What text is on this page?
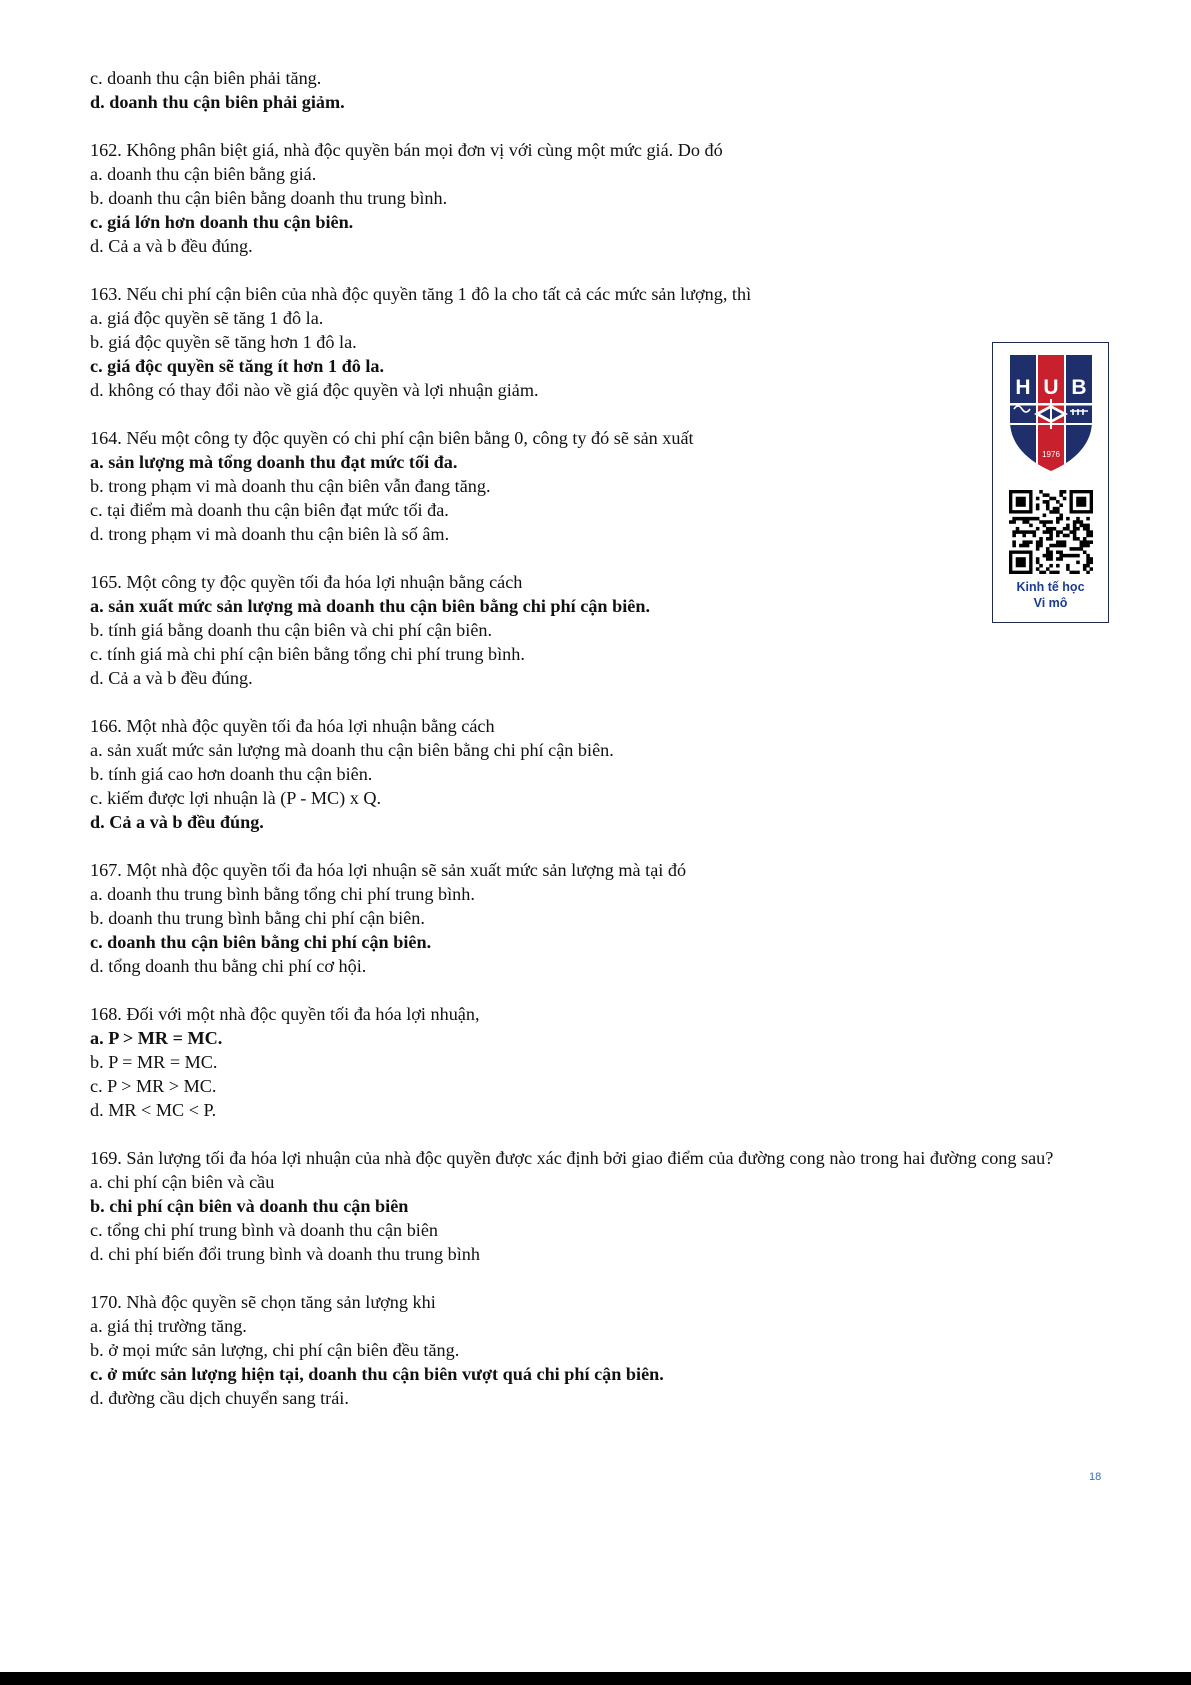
c. doanh thu cận biên phải tăng.
d. doanh thu cận biên phải giảm.
162. Không phân biệt giá, nhà độc quyền bán mọi đơn vị với cùng một mức giá. Do đó
a. doanh thu cận biên bằng giá.
b. doanh thu cận biên bằng doanh thu trung bình.
c. giá lớn hơn doanh thu cận biên.
d. Cả a và b đều đúng.
163. Nếu chi phí cận biên của nhà độc quyền tăng 1 đô la cho tất cả các mức sản lượng, thì
a. giá độc quyền sẽ tăng 1 đô la.
b. giá độc quyền sẽ tăng hơn 1 đô la.
c. giá độc quyền sẽ tăng ít hơn 1 đô la.
d. không có thay đổi nào về giá độc quyền và lợi nhuận giảm.
164. Nếu một công ty độc quyền có chi phí cận biên bằng 0, công ty đó sẽ sản xuất
a. sản lượng mà tổng doanh thu đạt mức tối đa.
b. trong phạm vi mà doanh thu cận biên vẫn đang tăng.
c. tại điểm mà doanh thu cận biên đạt mức tối đa.
d. trong phạm vi mà doanh thu cận biên là số âm.
165. Một công ty độc quyền tối đa hóa lợi nhuận bằng cách
a. sản xuất mức sản lượng mà doanh thu cận biên bằng chi phí cận biên.
b. tính giá bằng doanh thu cận biên và chi phí cận biên.
c. tính giá mà chi phí cận biên bằng tổng chi phí trung bình.
d. Cả a và b đều đúng.
166. Một nhà độc quyền tối đa hóa lợi nhuận bằng cách
a. sản xuất mức sản lượng mà doanh thu cận biên bằng chi phí cận biên.
b. tính giá cao hơn doanh thu cận biên.
c. kiếm được lợi nhuận là (P - MC) x Q.
d. Cả a và b đều đúng.
167. Một nhà độc quyền tối đa hóa lợi nhuận sẽ sản xuất mức sản lượng mà tại đó
a. doanh thu trung bình bằng tổng chi phí trung bình.
b. doanh thu trung bình bằng chi phí cận biên.
c. doanh thu cận biên bằng chi phí cận biên.
d. tổng doanh thu bằng chi phí cơ hội.
168. Đối với một nhà độc quyền tối đa hóa lợi nhuận,
a. P > MR = MC.
b. P = MR = MC.
c. P > MR > MC.
d. MR < MC < P.
169. Sản lượng tối đa hóa lợi nhuận của nhà độc quyền được xác định bởi giao điểm của đường cong nào trong hai đường cong sau?
a. chi phí cận biên và cầu
b. chi phí cận biên và doanh thu cận biên
c. tổng chi phí trung bình và doanh thu cận biên
d. chi phí biến đổi trung bình và doanh thu trung bình
170. Nhà độc quyền sẽ chọn tăng sản lượng khi
a. giá thị trường tăng.
b. ở mọi mức sản lượng, chi phí cận biên đều tăng.
c. ở mức sản lượng hiện tại, doanh thu cận biên vượt quá chi phí cận biên.
d. đường cầu dịch chuyển sang trái.
H U B
1976
Kinh tế học
Vi mô
18
